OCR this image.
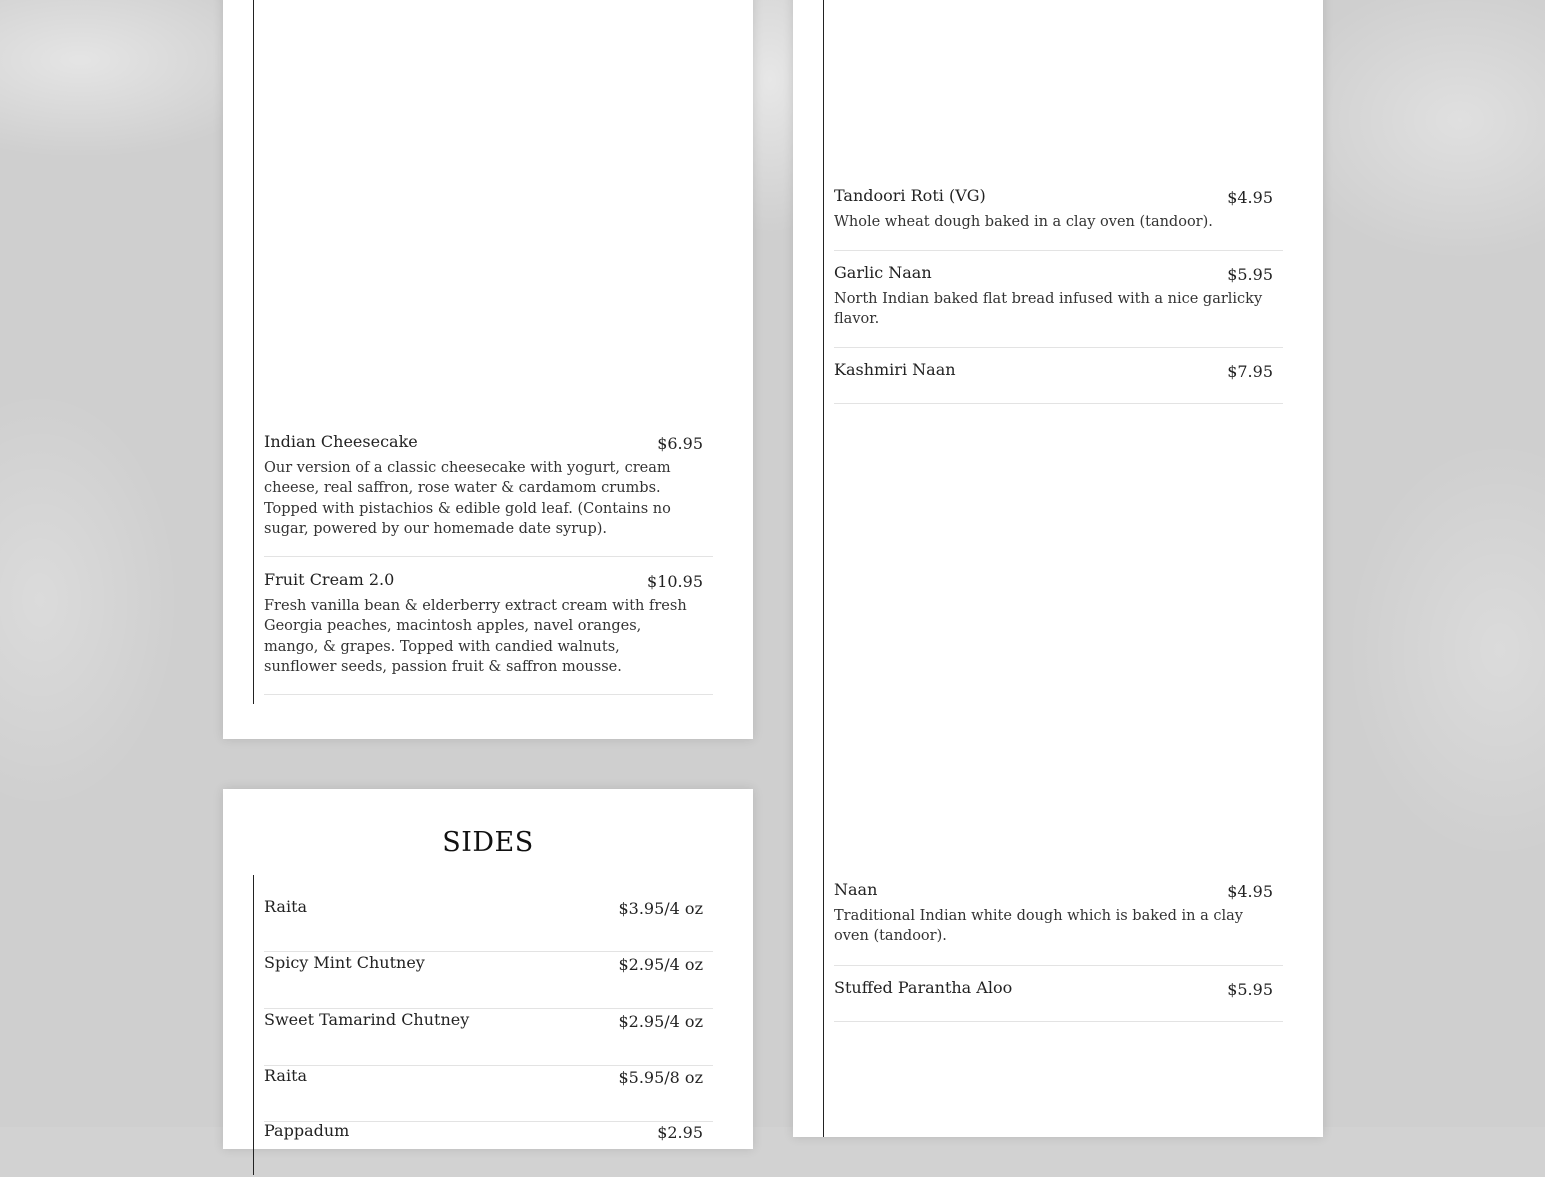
Indian Cheesecake	$6.95
Our version of a classic cheesecake with yogurt, cream cheese, real saffron, rose water & cardamom crumbs. Topped with pistachios & edible gold leaf. (Contains no sugar, powered by our homemade date syrup).
Fruit Cream 2.0	$10.95
Fresh vanilla bean & elderberry extract cream with fresh Georgia peaches, macintosh apples, navel oranges, mango, & grapes. Topped with candied walnuts, sunflower seeds, passion fruit & saffron mousse.
SIDES
Raita	$3.95/4 oz
Spicy Mint Chutney	$2.95/4 oz
Sweet Tamarind Chutney	$2.95/4 oz
Raita	$5.95/8 oz
Pappadum	$2.95
Tandoori Roti (VG)	$4.95
Whole wheat dough baked in a clay oven (tandoor).
Garlic Naan	$5.95
North Indian baked flat bread infused with a nice garlicky flavor.
Kashmiri Naan	$7.95
Naan	$4.95
Traditional Indian white dough which is baked in a clay oven (tandoor).
Stuffed Parantha Aloo	$5.95
